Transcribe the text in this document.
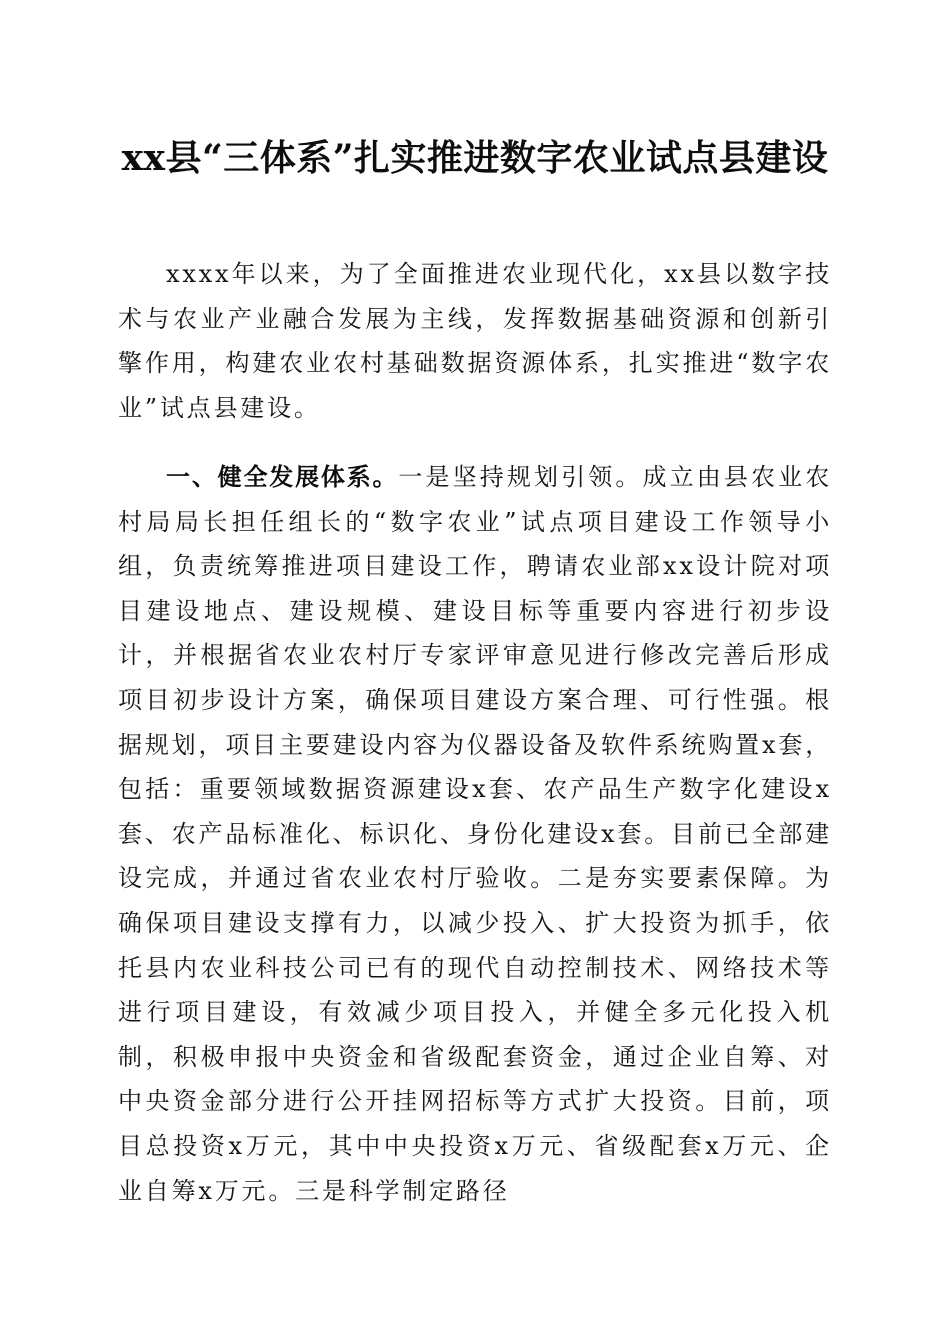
xx县“三体系”扎实推进数字农业试点县建设

xxxx年以来，为了全面推进农业现代化，xx县以数字技术与农业产业融合发展为主线，发挥数据基础资源和创新引擎作用，构建农业农村基础数据资源体系，扎实推进“数字农业”试点县建设。

一、健全发展体系。一是坚持规划引领。成立由县农业农村局局长担任组长的“数字农业”试点项目建设工作领导小组，负责统筹推进项目建设工作，聘请农业部xx设计院对项目建设地点、建设规模、建设目标等重要内容进行初步设计，并根据省农业农村厅专家评审意见进行修改完善后形成项目初步设计方案，确保项目建设方案合理、可行性强。根据规划，项目主要建设内容为仪器设备及软件系统购置x套，包括：重要领域数据资源建设x套、农产品生产数字化建设x套、农产品标准化、标识化、身份化建设x套。目前已全部建设完成，并通过省农业农村厅验收。二是夯实要素保障。为确保项目建设支撑有力，以减少投入、扩大投资为抓手，依托县内农业科技公司已有的现代自动控制技术、网络技术等进行项目建设，有效减少项目投入，并健全多元化投入机制，积极申报中央资金和省级配套资金，通过企业自筹、对中央资金部分进行公开挂网招标等方式扩大投资。目前，项目总投资x万元，其中中央投资x万元、省级配套x万元、企业自筹x万元。三是科学制定路径
